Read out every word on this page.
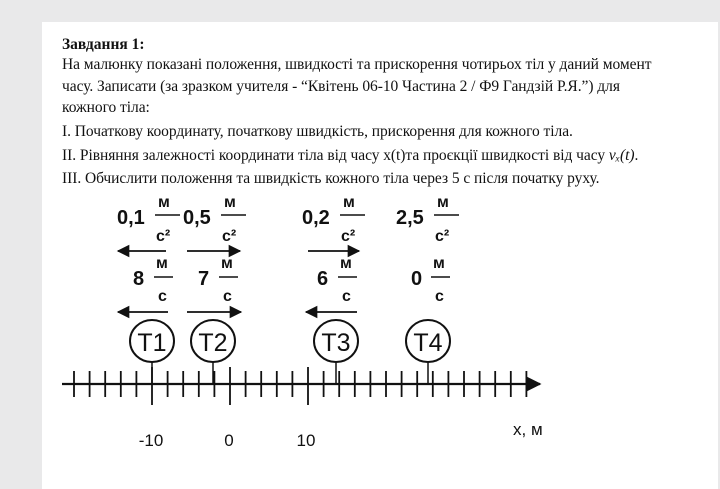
Завдання 1:
На малюнку показані положення, швидкості та прискорення чотирьох тіл у даний момент
часу. Записати (за зразком учителя - “Квітень 06-10 Частина 2 / Ф9 Гандзій Р.Я.”) для
кожного тіла:
I. Початкову координату, початкову швидкість, прискорення для кожного тіла.
II. Рівняння залежності координати тіла від часу x(t)та проєкції швидкості від часу vₓ(t).
III. Обчислити положення та швидкість кожного тіла через 5 с після початку руху.
0,1
м
с²
8
м
с
T1
0,5
м
с²
7
м
с
T2
0,2
м
с²
6
м
с
T3
2,5
м
с²
0
м
с
T4
-10	0	10
x, м
